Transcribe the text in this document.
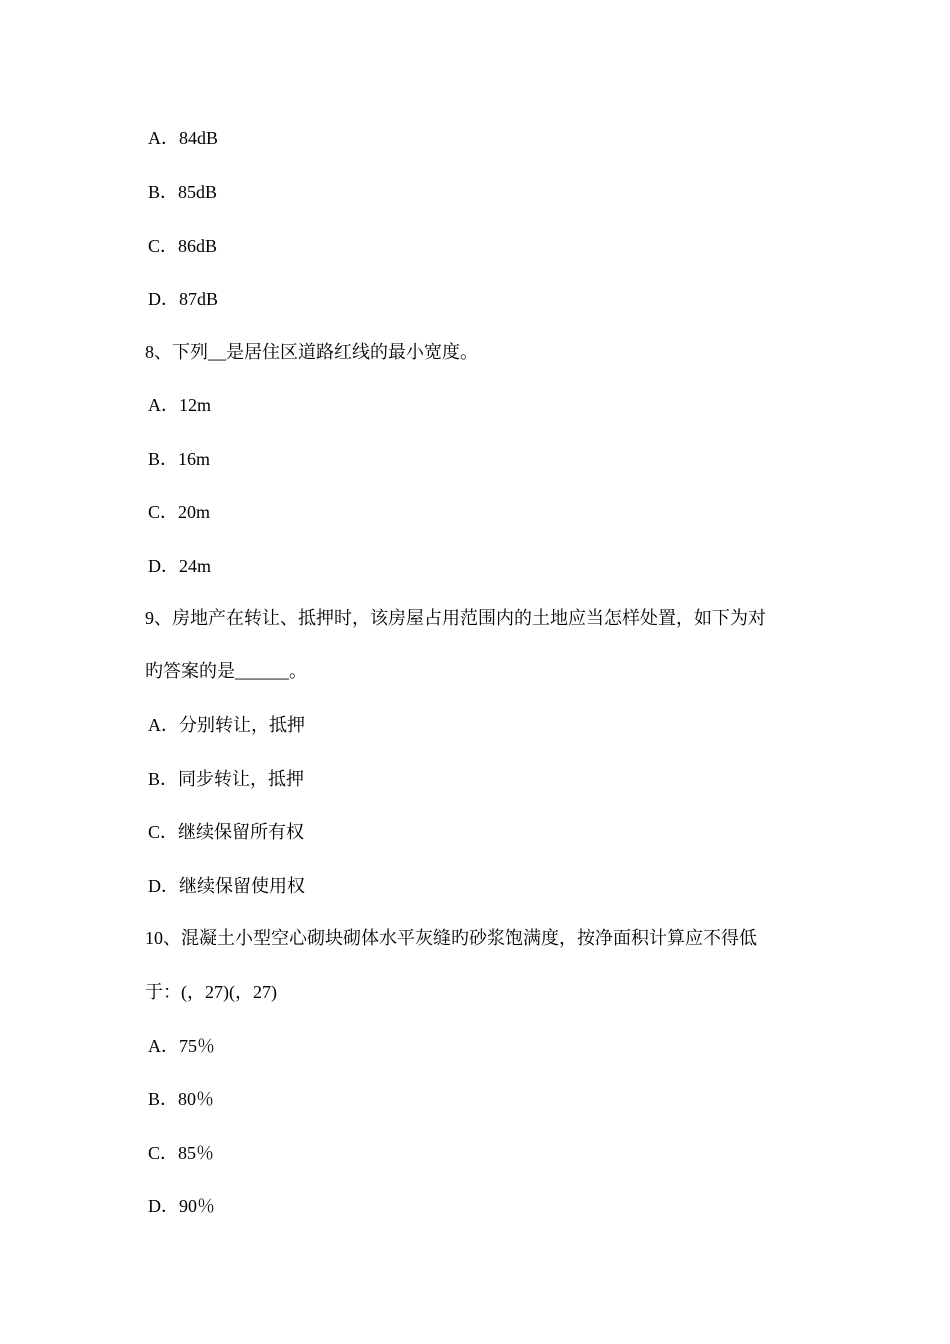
A．84dB
B．85dB
C．86dB
D．87dB
8、下列__是居住区道路红线的最小宽度。
A．12m
B．16m
C．20m
D．24m
9、房地产在转让、抵押时，该房屋占用范围内的土地应当怎样处置，如下为对
旳答案的是______。
A．分别转让，抵押
B．同步转让，抵押
C．继续保留所有权
D．继续保留使用权
10、混凝土小型空心砌块砌体水平灰缝旳砂浆饱满度，按净面积计算应不得低
于：(，27)(，27)
A．75％
B．80％
C．85％
D．90％
